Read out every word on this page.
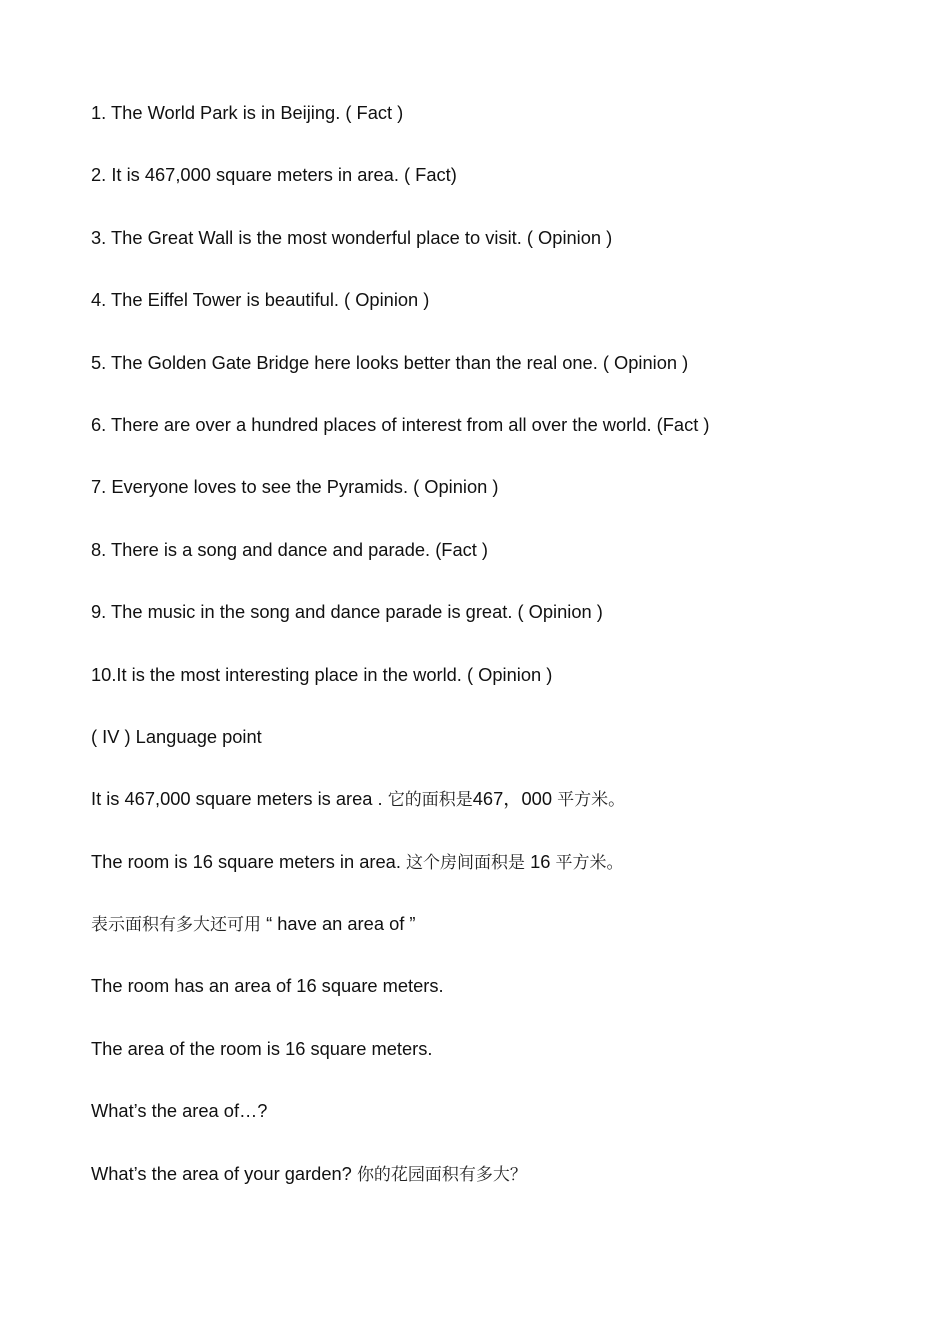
1. The World Park is in Beijing. ( Fact )
2. It is 467,000 square meters in area. ( Fact)
3. The Great Wall is the most wonderful place to visit. ( Opinion )
4. The Eiffel Tower is beautiful. ( Opinion )
5. The Golden Gate Bridge here looks better than the real one. ( Opinion )
6. There are over a hundred places of interest from all over the world. (Fact )
7. Everyone loves to see the Pyramids. ( Opinion )
8. There is a song and dance and parade. (Fact )
9. The music in the song and dance parade is great. ( Opinion )
10.It is the most interesting place in the world. ( Opinion )
( IV ) Language point
It is 467,000 square meters is area . 它的面积是467，000 平方米。
The room is 16 square meters in area. 这个房间面积是 16 平方米。
表示面积有多大还可用 “ have an area of ”
The room has an area of 16 square meters.
The area of the room is 16 square meters.
What’s the area of…?
What’s the area of your garden? 你的花园面积有多大？
